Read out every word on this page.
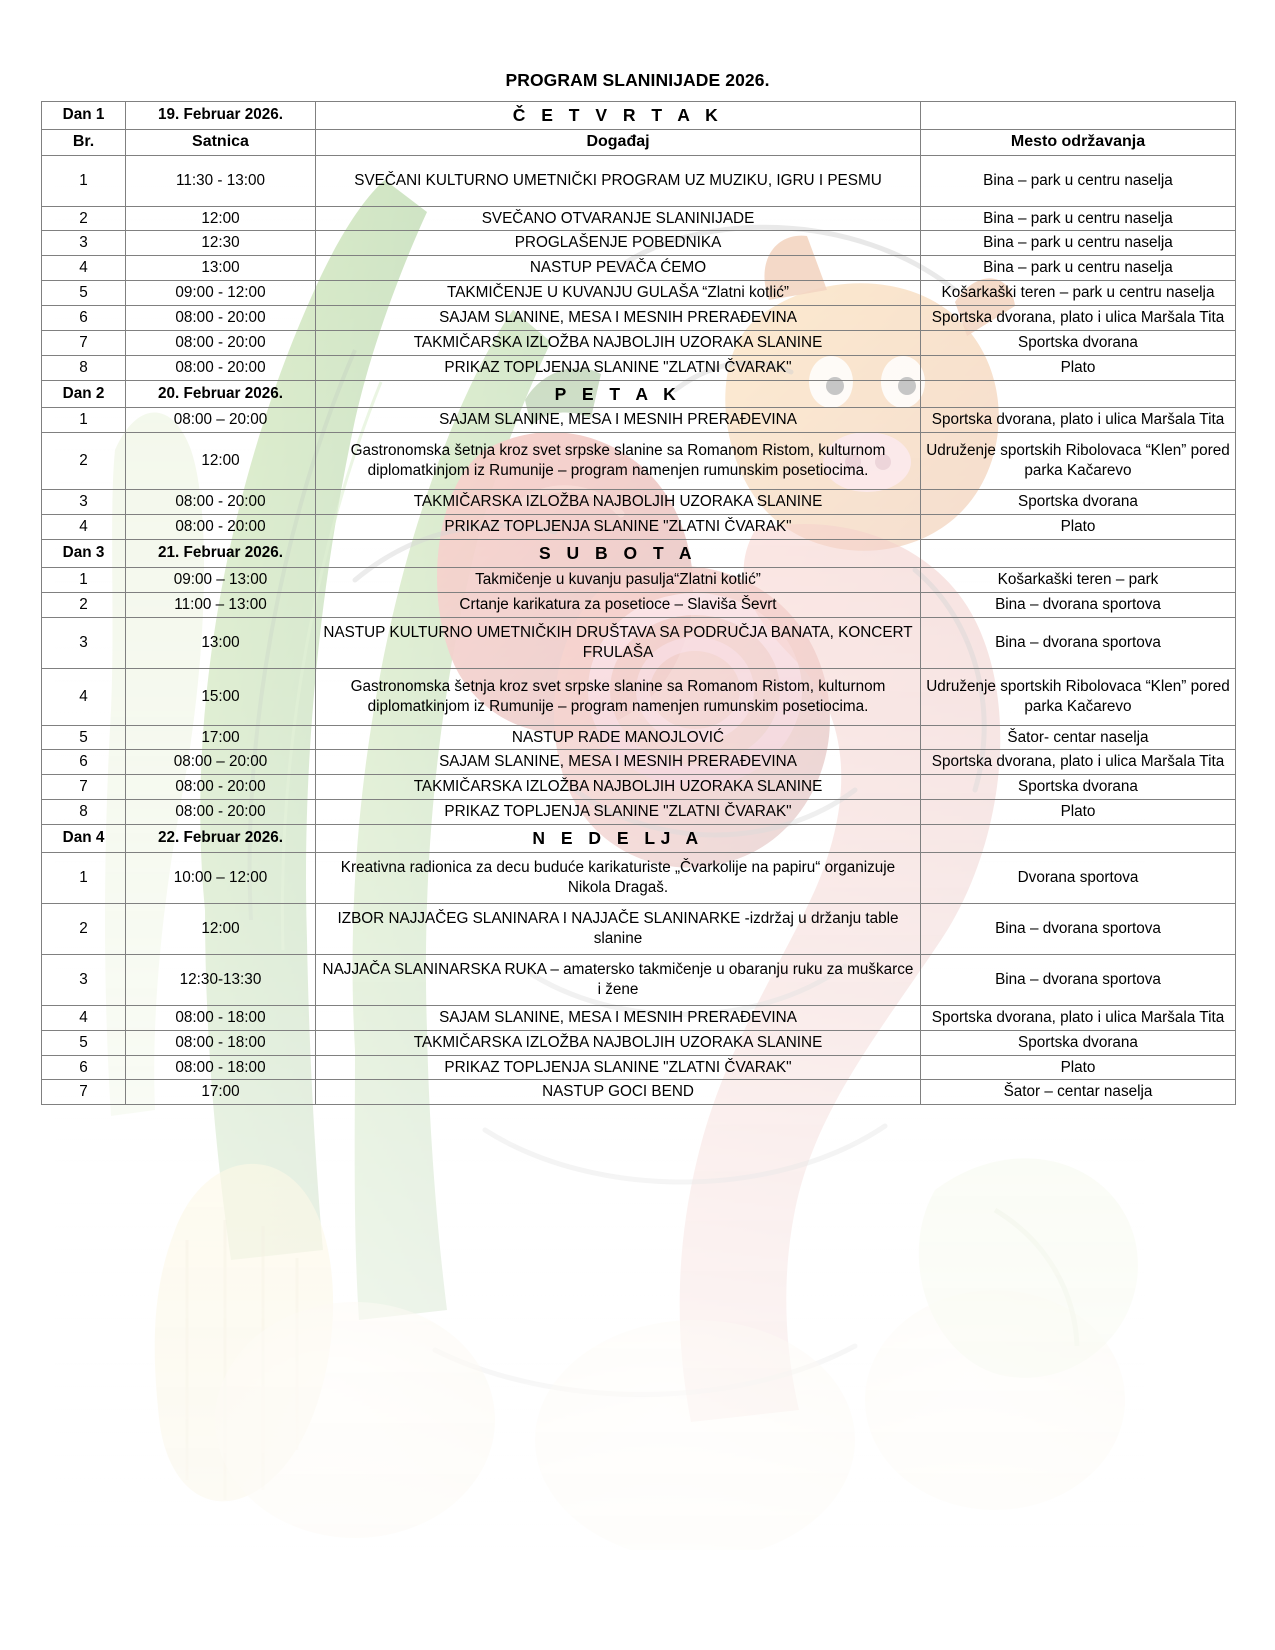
PROGRAM SLANINIJADE 2026.
Dan 1	19. Februar 2026.	Č E T V R T A K	
Br.	Satnica	Događaj	Mesto održavanja
1	11:30 - 13:00	SVEČANI KULTURNO UMETNIČKI PROGRAM UZ MUZIKU, IGRU I PESMU	Bina – park u centru naselja
2	12:00	SVEČANO OTVARANJE SLANINIJADE	Bina – park u centru naselja
3	12:30	PROGLAŠENJE POBEDNIKA	Bina – park u centru naselja
4	13:00	NASTUP PEVAČA ĆEMO	Bina – park u centru naselja
5	09:00 - 12:00	TAKMIČENJE U KUVANJU GULAŠA “Zlatni kotlić”	Košarkaški teren – park u centru naselja
6	08:00 - 20:00	SAJAM SLANINE, MESA I MESNIH PRERAĐEVINA	Sportska dvorana, plato i ulica Maršala Tita
7	08:00 - 20:00	TAKMIČARSKA IZLOŽBA NAJBOLJIH UZORAKA SLANINE	Sportska dvorana
8	08:00 - 20:00	PRIKAZ TOPLJENJA SLANINE "ZLATNI ČVARAK"	Plato
Dan 2	20. Februar 2026.	P E T A K	
1	08:00 – 20:00	SAJAM SLANINE, MESA I MESNIH PRERAĐEVINA	Sportska dvorana, plato i ulica Maršala Tita
2	12:00	Gastronomska šetnja kroz svet srpske slanine sa Romanom Ristom, kulturnom diplomatkinjom iz Rumunije – program namenjen rumunskim posetiocima.	Udruženje sportskih Ribolovaca “Klen” pored parka Kačarevo
3	08:00 - 20:00	TAKMIČARSKA IZLOŽBA NAJBOLJIH UZORAKA SLANINE	Sportska dvorana
4	08:00 - 20:00	PRIKAZ TOPLJENJA SLANINE "ZLATNI ČVARAK"	Plato
Dan 3	21. Februar 2026.	S U B O T A	
1	09:00 – 13:00	Takmičenje u kuvanju pasulja“Zlatni kotlić”	Košarkaški teren – park
2	11:00 – 13:00	Crtanje karikatura za posetioce – Slaviša Ševrt	Bina – dvorana sportova
3	13:00	NASTUP KULTURNO UMETNIČKIH DRUŠTAVA SA PODRUČJA BANATA, KONCERT FRULAŠA	Bina – dvorana sportova
4	15:00	Gastronomska šetnja kroz svet srpske slanine sa Romanom Ristom, kulturnom diplomatkinjom iz Rumunije – program namenjen rumunskim posetiocima.	Udruženje sportskih Ribolovaca “Klen” pored parka Kačarevo
5	17:00	NASTUP RADE MANOJLOVIĆ	Šator- centar naselja
6	08:00 – 20:00	SAJAM SLANINE, MESA I MESNIH PRERAĐEVINA	Sportska dvorana, plato i ulica Maršala Tita
7	08:00 - 20:00	TAKMIČARSKA IZLOŽBA NAJBOLJIH UZORAKA SLANINE	Sportska dvorana
8	08:00 - 20:00	PRIKAZ TOPLJENJA SLANINE "ZLATNI ČVARAK"	Plato
Dan 4	22. Februar 2026.	N E D E LJ A	
1	10:00 – 12:00	Kreativna radionica za decu buduće karikaturiste „Čvarkolije na papiru“ organizuje Nikola Dragaš.	Dvorana sportova
2	12:00	IZBOR NAJJAČEG SLANINARA I NAJJAČE SLANINARKE -izdržaj u držanju table slanine	Bina – dvorana sportova
3	12:30-13:30	NAJJAČA SLANINARSKA RUKA – amatersko takmičenje u obaranju ruku za muškarce i žene	Bina – dvorana sportova
4	08:00 - 18:00	SAJAM SLANINE, MESA I MESNIH PRERAĐEVINA	Sportska dvorana, plato i ulica Maršala Tita
5	08:00 - 18:00	TAKMIČARSKA IZLOŽBA NAJBOLJIH UZORAKA SLANINE	Sportska dvorana
6	08:00 - 18:00	PRIKAZ TOPLJENJA SLANINE "ZLATNI ČVARAK"	Plato
7	17:00	NASTUP GOCI BEND	Šator – centar naselja
